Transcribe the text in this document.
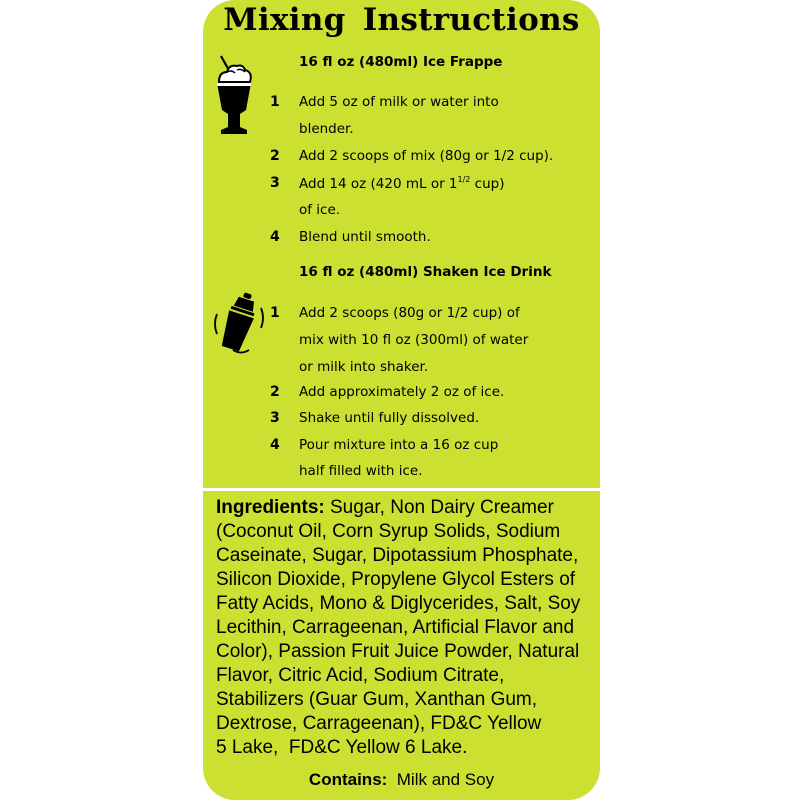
Mixing Instructions
16 fl oz (480ml) Ice Frappe
1 Add 5 oz of milk or water into
blender.
2 Add 2 scoops of mix (80g or 1/2 cup).
3 Add 14 oz (420 mL or $1^{1/2}$ cup)
of ice.
4 Blend until smooth.
16 fl oz (480ml) Shaken Ice Drink
1 Add 2 scoops (80g or 1/2 cup) of
mix with 10 fl oz (300ml) of water
or milk into shaker.
2 Add approximately 2 oz of ice.
3 Shake until fully dissolved.
4 Pour mixture into a 16 oz cup
half filled with ice.
Ingredients: Sugar, Non Dairy Creamer
(Coconut Oil, Corn Syrup Solids, Sodium
Caseinate, Sugar, Dipotassium Phosphate,
Silicon Dioxide, Propylene Glycol Esters of
Fatty Acids, Mono & Diglycerides, Salt, Soy
Lecithin, Carrageenan, Artificial Flavor and
Color), Passion Fruit Juice Powder, Natural
Flavor, Citric Acid, Sodium Citrate,
Stabilizers (Guar Gum, Xanthan Gum,
Dextrose, Carrageenan), FD&C Yellow
5 Lake,  FD&C Yellow 6 Lake.
Contains:  Milk and Soy
